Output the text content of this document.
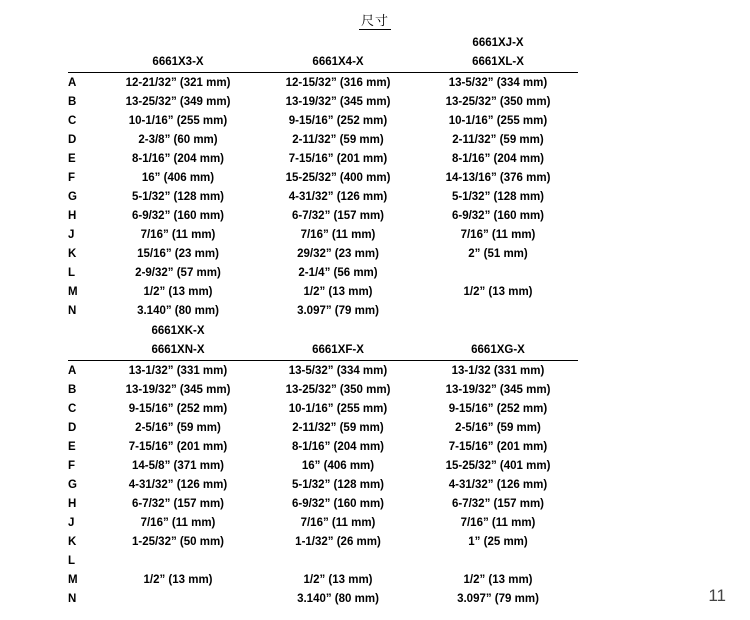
尺寸
			6661XJ-X
	6661X3-X	6661X4-X	6661XL-X
A	12-21/32” (321 mm)	12-15/32” (316 mm)	13-5/32” (334 mm)
B	13-25/32” (349 mm)	13-19/32” (345 mm)	13-25/32” (350 mm)
C	10-1/16” (255 mm)	9-15/16” (252 mm)	10-1/16” (255 mm)
D	2-3/8” (60 mm)	2-11/32” (59 mm)	2-11/32” (59 mm)
E	8-1/16” (204 mm)	7-15/16” (201 mm)	8-1/16” (204 mm)
F	16” (406 mm)	15-25/32” (400 mm)	14-13/16” (376 mm)
G	5-1/32” (128 mm)	4-31/32” (126 mm)	5-1/32” (128 mm)
H	6-9/32” (160 mm)	6-7/32” (157 mm)	6-9/32” (160 mm)
J	7/16” (11 mm)	7/16” (11 mm)	7/16” (11 mm)
K	15/16” (23 mm)	29/32” (23 mm)	2” (51 mm)
L	2-9/32” (57 mm)	2-1/4” (56 mm)	
M	1/2” (13 mm)	1/2” (13 mm)	1/2” (13 mm)
N	3.140” (80 mm)	3.097” (79 mm)	
	6661XK-X		
	6661XN-X	6661XF-X	6661XG-X
A	13-1/32” (331 mm)	13-5/32” (334 mm)	13-1/32 (331 mm)
B	13-19/32” (345 mm)	13-25/32” (350 mm)	13-19/32” (345 mm)
C	9-15/16” (252 mm)	10-1/16” (255 mm)	9-15/16” (252 mm)
D	2-5/16” (59 mm)	2-11/32” (59 mm)	2-5/16” (59 mm)
E	7-15/16” (201 mm)	8-1/16” (204 mm)	7-15/16” (201 mm)
F	14-5/8” (371 mm)	16” (406 mm)	15-25/32” (401 mm)
G	4-31/32” (126 mm)	5-1/32” (128 mm)	4-31/32” (126 mm)
H	6-7/32” (157 mm)	6-9/32” (160 mm)	6-7/32” (157 mm)
J	7/16” (11 mm)	7/16” (11 mm)	7/16” (11 mm)
K	1-25/32” (50 mm)	1-1/32” (26 mm)	1” (25 mm)
L			
M	1/2” (13 mm)	1/2” (13 mm)	1/2” (13 mm)
N		3.140” (80 mm)	3.097” (79 mm)	11
